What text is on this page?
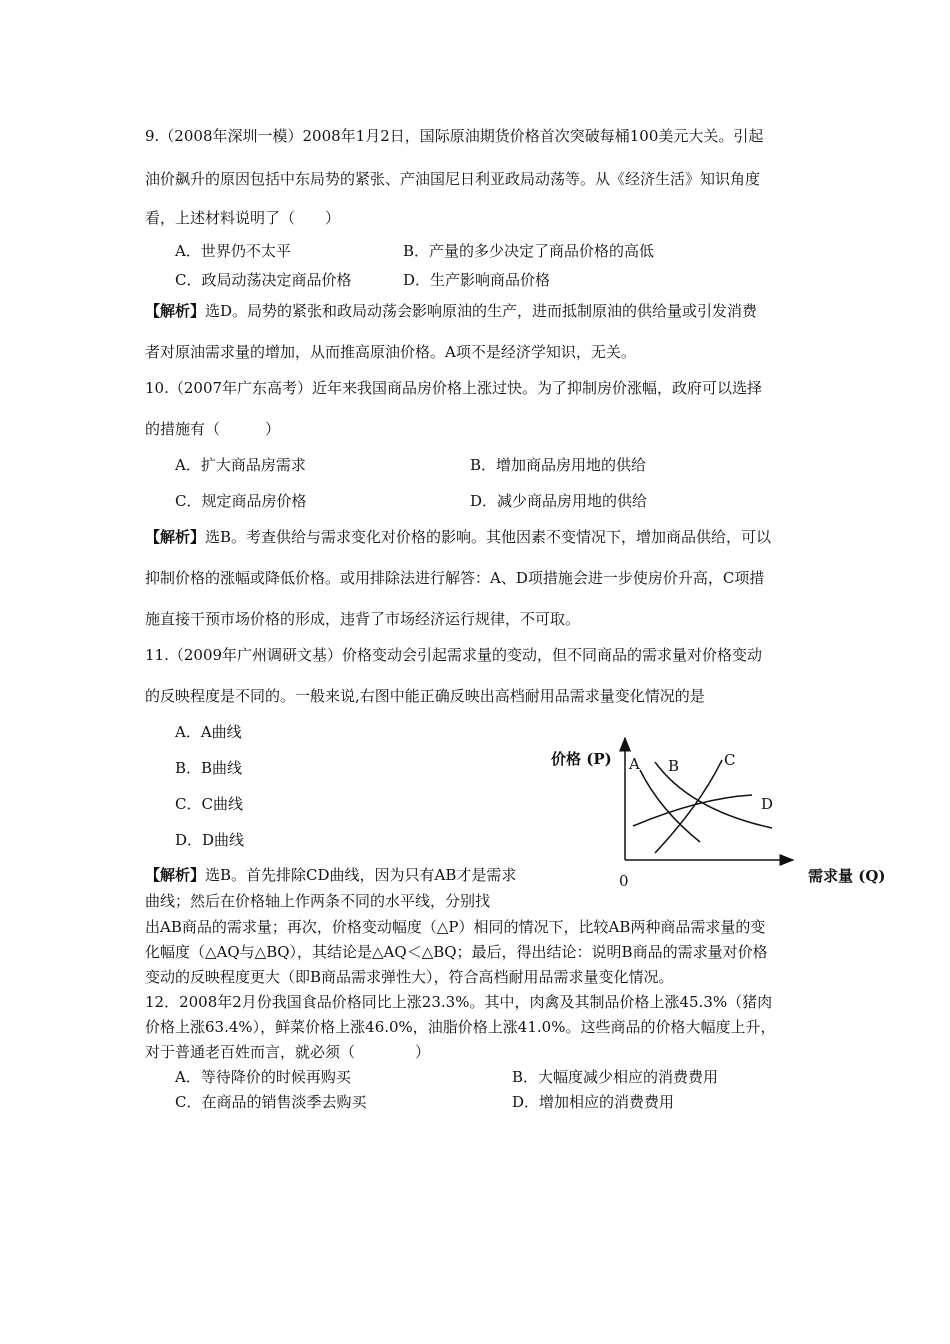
9.（2008年深圳一模）2008年1月2日，国际原油期货价格首次突破每桶100美元大关。引起
油价飙升的原因包括中东局势的紧张、产油国尼日利亚政局动荡等。从《经济生活》知识角度
看，上述材料说明了（　　）
A．世界仍不太平	B．产量的多少决定了商品价格的高低
C．政局动荡决定商品价格	D．生产影响商品价格
【解析】选D。局势的紧张和政局动荡会影响原油的生产，进而抵制原油的供给量或引发消费
者对原油需求量的增加，从而推高原油价格。A项不是经济学知识，无关。
10.（2007年广东高考）近年来我国商品房价格上涨过快。为了抑制房价涨幅，政府可以选择
的措施有（　　　）
A．扩大商品房需求	B．增加商品房用地的供给
C．规定商品房价格	D．减少商品房用地的供给
【解析】选B。考查供给与需求变化对价格的影响。其他因素不变情况下，增加商品供给，可以
抑制价格的涨幅或降低价格。或用排除法进行解答：A、D项措施会进一步使房价升高，C项措
施直接干预市场价格的形成，违背了市场经济运行规律，不可取。
11.（2009年广州调研文基）价格变动会引起需求量的变动，但不同商品的需求量对价格变动
的反映程度是不同的。一般来说,右图中能正确反映出高档耐用品需求量变化情况的是
A．A曲线
B．B曲线
C．C曲线
D．D曲线
【解析】选B。首先排除CD曲线，因为只有AB才是需求
曲线；然后在价格轴上作两条不同的水平线，分别找
出AB商品的需求量；再次，价格变动幅度（△P）相同的情况下，比较AB两种商品需求量的变
化幅度（△AQ与△BQ），其结论是△AQ＜△BQ；最后，得出结论：说明B商品的需求量对价格
变动的反映程度更大（即B商品需求弹性大），符合高档耐用品需求量变化情况。
12．2008年2月份我国食品价格同比上涨23.3%。其中，肉禽及其制品价格上涨45.3%（猪肉
价格上涨63.4%），鲜菜价格上涨46.0%，油脂价格上涨41.0%。这些商品的价格大幅度上升，
对于普通老百姓而言，就必须（　　　　）
A．等待降价的时候再购买	B．大幅度减少相应的消费费用
C．在商品的销售淡季去购买	D．增加相应的消费费用
价格 (P)
需求量 (Q)
0
A B	C
D
